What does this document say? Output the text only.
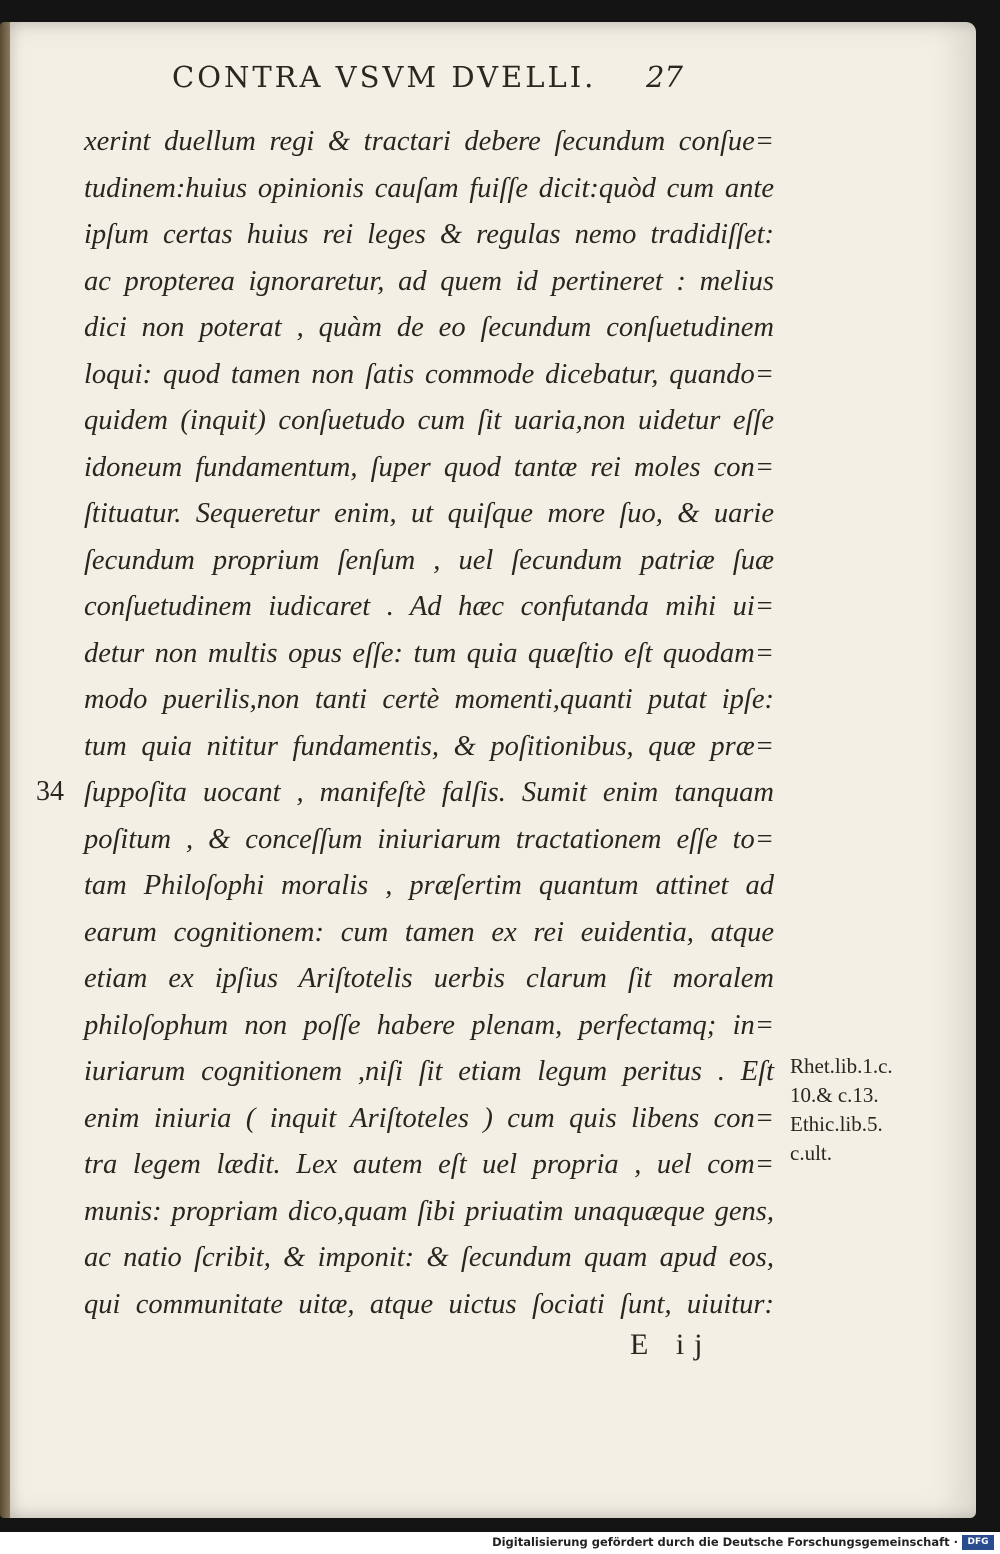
CONTRA VSVM DVELLI. 27
xerint duellum regi & tractari debere ſecundum conſue=
tudinem:huius opinionis cauſam fuiſſe dicit:quòd cum ante
ipſum certas huius rei leges & regulas nemo tradidiſſet:
ac propterea ignoraretur, ad quem id pertineret : melius
dici non poterat , quàm de eo ſecundum conſuetudinem
loqui: quod tamen non ſatis commode dicebatur, quando=
quidem (inquit) conſuetudo cum ſit uaria,non uidetur eſſe
idoneum fundamentum, ſuper quod tantæ rei moles con=
ſtituatur. Sequeretur enim, ut quiſque more ſuo, & uarie
ſecundum proprium ſenſum , uel ſecundum patriæ ſuæ
conſuetudinem iudicaret . Ad hæc confutanda mihi ui=
detur non multis opus eſſe: tum quia quæſtio eſt quodam=
modo puerilis,non tanti certè momenti,quanti putat ipſe:
tum quia nititur fundamentis, & poſitionibus, quæ præ=
ſuppoſita uocant , manifeſtè falſis. Sumit enim tanquam
poſitum , & conceſſum iniuriarum tractationem eſſe to=
tam Philoſophi moralis , præſertim quantum attinet ad
earum cognitionem: cum tamen ex rei euidentia, atque
etiam ex ipſius Ariſtotelis uerbis clarum ſit moralem
philoſophum non poſſe habere plenam, perfectamq; in=
iuriarum cognitionem ,niſi ſit etiam legum peritus . Eſt
enim iniuria ( inquit Ariſtoteles ) cum quis libens con=
tra legem lædit. Lex autem eſt uel propria , uel com=
munis: propriam dico,quam ſibi priuatim unaquæque gens,
ac natio ſcribit, & imponit: & ſecundum quam apud eos,
qui communitate uitæ, atque uictus ſociati ſunt, uiuitur:
34
Rhet.lib.1.c.
10.& c.13.
Ethic.lib.5.
c.ult.
E ij
Digitalisierung gefördert durch die Deutsche Forschungsgemeinschaft ·	DFG
